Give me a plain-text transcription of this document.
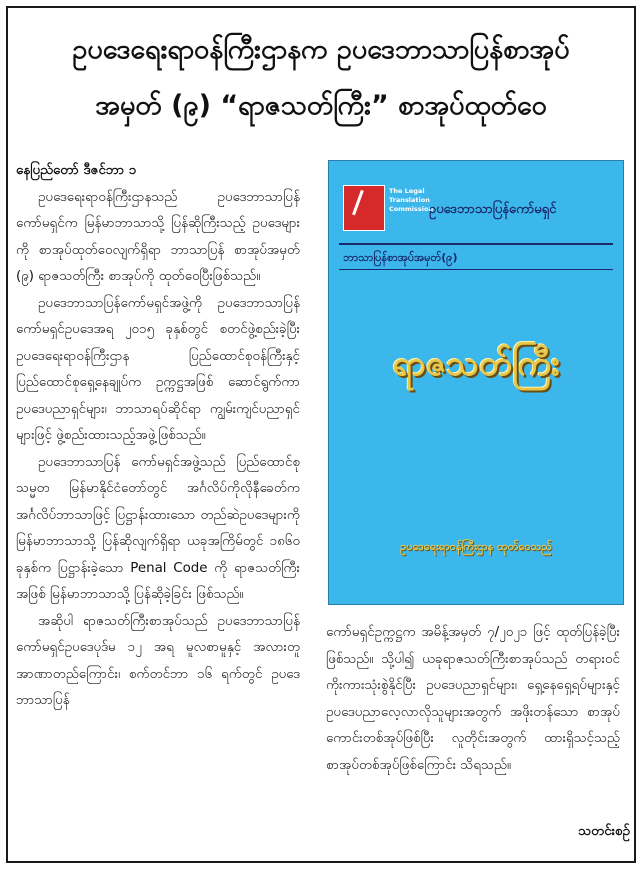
ဥပဒေရေးရာဝန်ကြီးဌာနက ဥပဒေဘာသာပြန်စာအုပ်
အမှတ် (၉) “ရာဇသတ်ကြီး” စာအုပ်ထုတ်ဝေ

နေပြည်တော် ဒီဇင်ဘာ ၁

ဥပဒေရေးရာဝန်ကြီးဌာနသည် ဥပဒေဘာသာပြန်ကော်မရှင်က မြန်မာဘာသာသို့ ပြန်ဆိုကြီးသည့် ဥပဒေများကို စာအုပ်ထုတ်ဝေလျက်ရှိရာ ဘာသာပြန် စာအုပ်အမှတ် (၉) ရာဇသတ်ကြီး စာအုပ်ကို ထုတ်ဝေပြီးဖြစ်သည်။

ဥပဒေဘာသာပြန်ကော်မရှင်အဖွဲ့ကို ဥပဒေဘာသာပြန်ကော်မရှင်ဥပဒေအရ ၂၀၁၅ ခုနှစ်တွင် စတင်ဖွဲ့စည်းခဲ့ပြီး ဥပဒေရေးရာဝန်ကြီးဌာန ပြည်ထောင်စုဝန်ကြီးနှင့် ပြည်ထောင်စုရှေ့နေချုပ်က ဥက္ကဋ္ဌအဖြစ် ဆောင်ရွက်ကာ ဥပဒေပညာရှင်များ၊ ဘာသာရပ်ဆိုင်ရာ ကျွမ်းကျင်ပညာရှင်များဖြင့် ဖွဲ့စည်းထားသည့်အဖွဲ့ဖြစ်သည်။

ဥပဒေဘာသာပြန် ကော်မရှင်အဖွဲ့သည် ပြည်ထောင်စုသမ္မတ မြန်မာနိုင်ငံတော်တွင် အင်္ဂလိပ်ကိုလိုနီခေတ်က အင်္ဂလိပ်ဘာသာဖြင့် ပြဋ္ဌာန်းထားသော တည်ဆဲဥပဒေများကို မြန်မာဘာသာသို့ ပြန်ဆိုလျက်ရှိရာ ယခုအကြိမ်တွင် ၁၈၆၀ ခုနှစ်က ပြဋ္ဌာန်းခဲ့သော Penal Code ကို ရာဇသတ်ကြီးအဖြစ် မြန်မာဘာသာသို့ ပြန်ဆိုခဲ့ခြင်း ဖြစ်သည်။

အဆိုပါ ရာဇသတ်ကြီးစာအုပ်သည် ဥပဒေဘာသာပြန်ကော်မရှင်ဥပဒေပုဒ်မ ၁၂ အရ မူလစာမူနှင့် အလားတူ အာဏာတည်ကြောင်း၊ စက်တင်ဘာ ၁၆ ရက်တွင် ဥပဒေဘာသာပြန်

The Legal Translation Commission
ဥပဒေဘာသာပြန်ကော်မရှင်
ဘာသာပြန်စာအုပ်အမှတ်(၉)
ရာဇသတ်ကြီး
ဥပဒေရေးရာဝန်ကြီးဌာန ထုတ်ဝေသည်

ကော်မရှင်ဥက္ကဋ္ဌက အမိန့်အမှတ် ၇/၂၀၂၁ ဖြင့် ထုတ်ပြန်ခဲ့ပြီးဖြစ်သည်။ သို့ပါ၍ ယခုရာဇသတ်ကြီးစာအုပ်သည် တရားဝင်ကိုးကားသုံးစွဲနိုင်ပြီး ဥပဒေပညာရှင်များ၊ ရှေ့နေရှေ့ရပ်များနှင့် ဥပဒေပညာလေ့လာလိုသူများအတွက် အဖိုးတန်သော စာအုပ်ကောင်းတစ်အုပ်ဖြစ်ပြီး လူတိုင်းအတွက် ထားရှိသင့်သည့် စာအုပ်တစ်အုပ်ဖြစ်ကြောင်း သိရသည်။

သတင်းစဉ်
